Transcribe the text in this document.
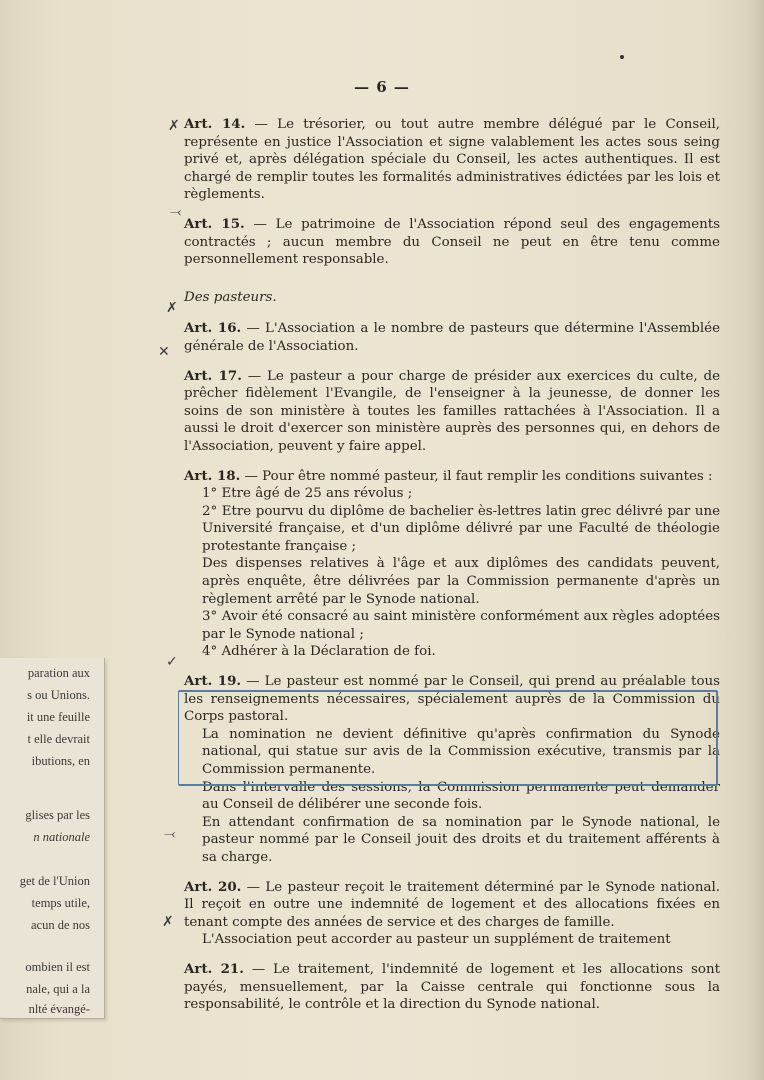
— 6 —

Art. 14. — Le trésorier, ou tout autre membre délégué par le Conseil, représente en justice l'Association et signe valablement les actes sous seing privé et, après délégation spéciale du Conseil, les actes authentiques. Il est chargé de remplir toutes les formalités administratives édictées par les lois et règlements.

Art. 15. — Le patrimoine de l'Association répond seul des engagements contractés ; aucun membre du Conseil ne peut en être tenu comme personnellement responsable.

Des pasteurs.

Art. 16. — L'Association a le nombre de pasteurs que détermine l'Assemblée générale de l'Association.

Art. 17. — Le pasteur a pour charge de présider aux exercices du culte, de prêcher fidèlement l'Evangile, de l'enseigner à la jeunesse, de donner les soins de son ministère à toutes les familles rattachées à l'Association. Il a aussi le droit d'exercer son ministère auprès des personnes qui, en dehors de l'Association, peuvent y faire appel.

Art. 18. — Pour être nommé pasteur, il faut remplir les conditions suivantes :

1° Etre âgé de 25 ans révolus ;

2° Etre pourvu du diplôme de bachelier ès-lettres latin grec délivré par une Université française, et d'un diplôme délivré par une Faculté de théologie protestante française ;

Des dispenses relatives à l'âge et aux diplômes des candidats peuvent, après enquête, être délivrées par la Commission permanente d'après un règlement arrêté par le Synode national.

3° Avoir été consacré au saint ministère conformément aux règles adoptées par le Synode national ;

4° Adhérer à la Déclaration de foi.

Art. 19. — Le pasteur est nommé par le Conseil, qui prend au préalable tous les renseignements nécessaires, spécialement auprès de la Commission du Corps pastoral.

La nomination ne devient définitive qu'après confirmation du Synode national, qui statue sur avis de la Commission exécutive, transmis par la Commission permanente.

Dans l'intervalle des sessions, la Commission permanente peut demander au Conseil de délibérer une seconde fois.

En attendant confirmation de sa nomination par le Synode national, le pasteur nommé par le Conseil jouit des droits et du traitement afférents à sa charge.

Art. 20. — Le pasteur reçoit le traitement déterminé par le Synode national. Il reçoit en outre une indemnité de logement et des allocations fixées en tenant compte des années de service et des charges de famille.

L'Association peut accorder au pasteur un supplément de traitement

Art. 21. — Le traitement, l'indemnité de logement et les allocations sont payés, mensuellement, par la Caisse centrale qui fonctionne sous la responsabilité, le contrôle et la direction du Synode national.

✗
⤙
✗
✕
✓
⤙
✗
paration aux
s ou Unions.
it une feuille
t elle devrait
ibutions, en
glises par les
n nationale
get de l'Union
temps utile,
acun de nos
ombien il est
nale, qui a la
nlté évangé-
